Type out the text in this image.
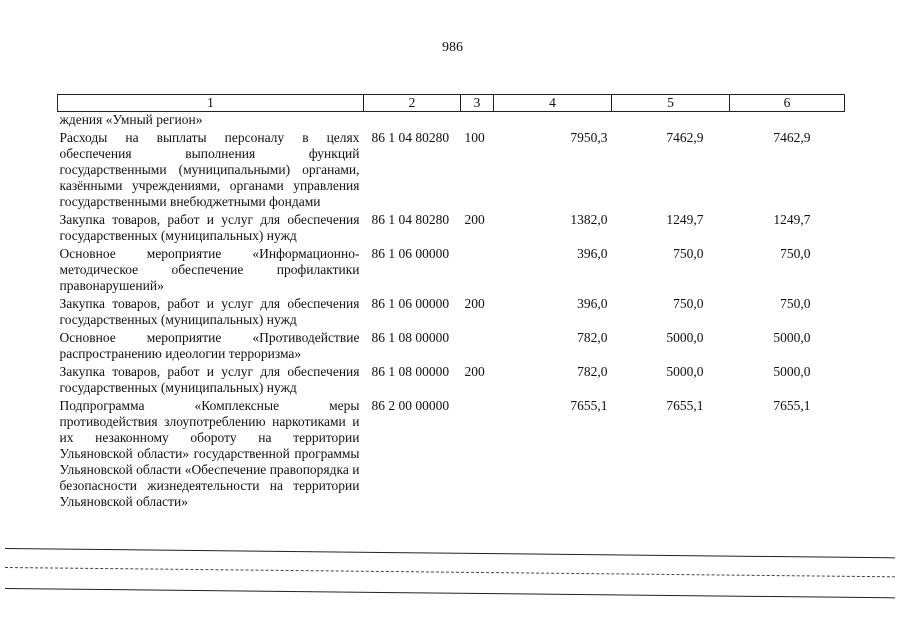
986
1	2	3	4	5	6
ждения «Умный регион»					
Расходы на выплаты персоналу в целях обеспечения выполнения функций государственными (муниципальными) органами, казёнными учреждениями, органами управления государственными внебюджетными фондами	86 1 04 80280	100	7950,3	7462,9	7462,9
Закупка товаров, работ и услуг для обеспечения государственных (муниципальных) нужд	86 1 04 80280	200	1382,0	1249,7	1249,7
Основное мероприятие «Информационно-методическое обеспечение профилактики правонарушений»	86 1 06 00000		396,0	750,0	750,0
Закупка товаров, работ и услуг для обеспечения государственных (муниципальных) нужд	86 1 06 00000	200	396,0	750,0	750,0
Основное мероприятие «Противодействие распространению идеологии терроризма»	86 1 08 00000		782,0	5000,0	5000,0
Закупка товаров, работ и услуг для обеспечения государственных (муниципальных) нужд	86 1 08 00000	200	782,0	5000,0	5000,0
Подпрограмма «Комплексные меры противодействия злоупотреблению наркотиками и их незаконному обороту на территории Ульяновской области» государственной программы Ульяновской области «Обеспечение правопорядка и безопасности жизнедеятельности на территории Ульяновской области»	86 2 00 00000		7655,1	7655,1	7655,1
